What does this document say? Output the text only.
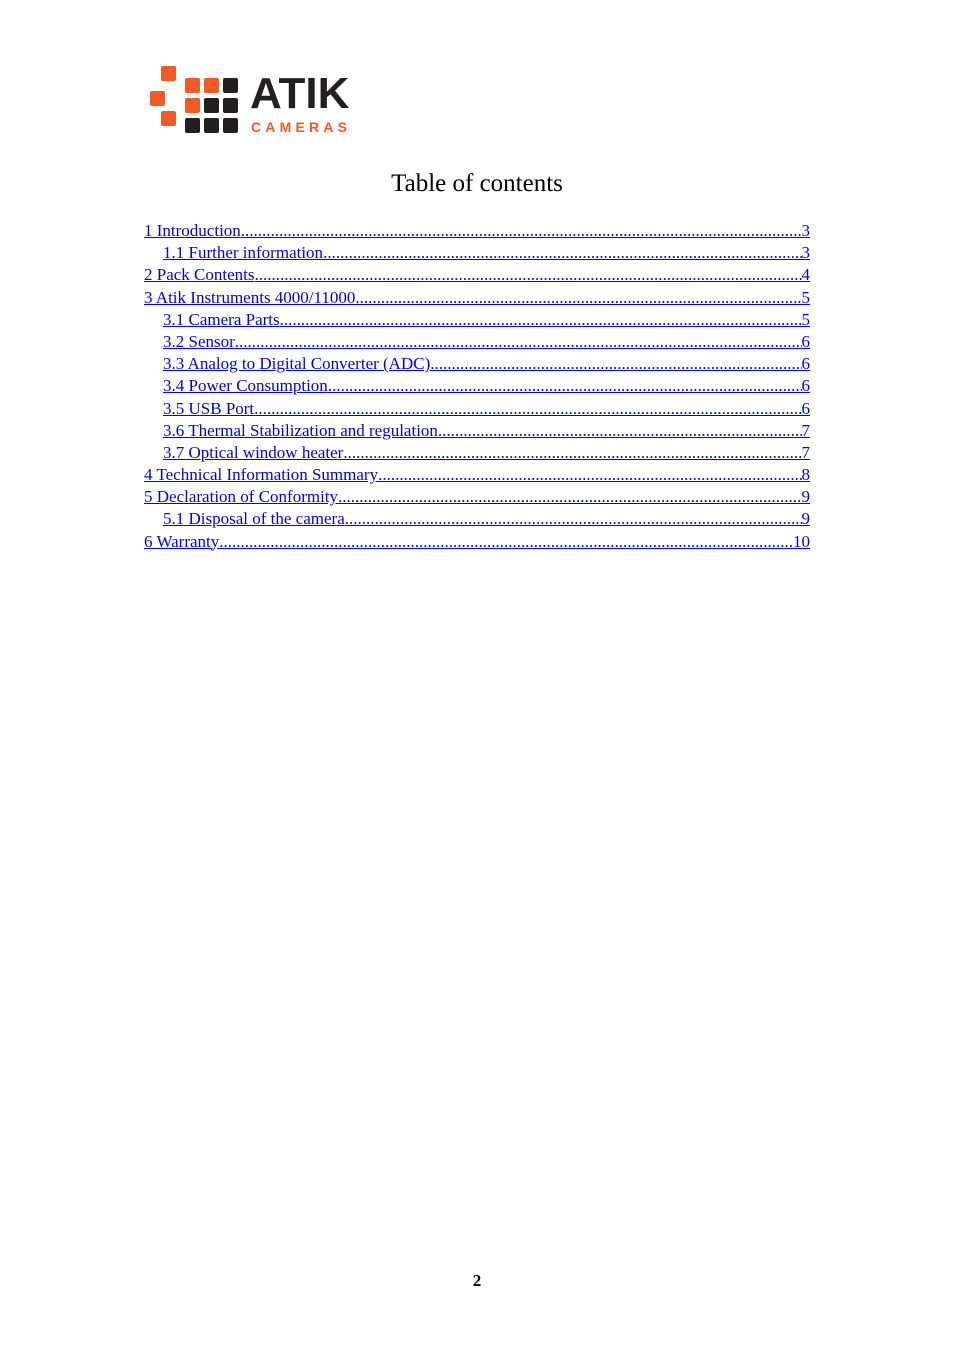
ATIK
CAMERAS
Table of contents
1 Introduction .....	3
1.1 Further information .....	3
2 Pack Contents .....	4
3 Atik Instruments 4000/11000 .....	5
3.1 Camera Parts .....	5
3.2 Sensor .....	6
3.3 Analog to Digital Converter (ADC) .....	6
3.4 Power Consumption .....	6
3.5 USB Port .....	6
3.6 Thermal Stabilization and regulation .....	7
3.7 Optical window heater .....	7
4 Technical Information Summary .....	8
5 Declaration of Conformity .....	9
5.1 Disposal of the camera .....	9
6 Warranty .....	10
2
